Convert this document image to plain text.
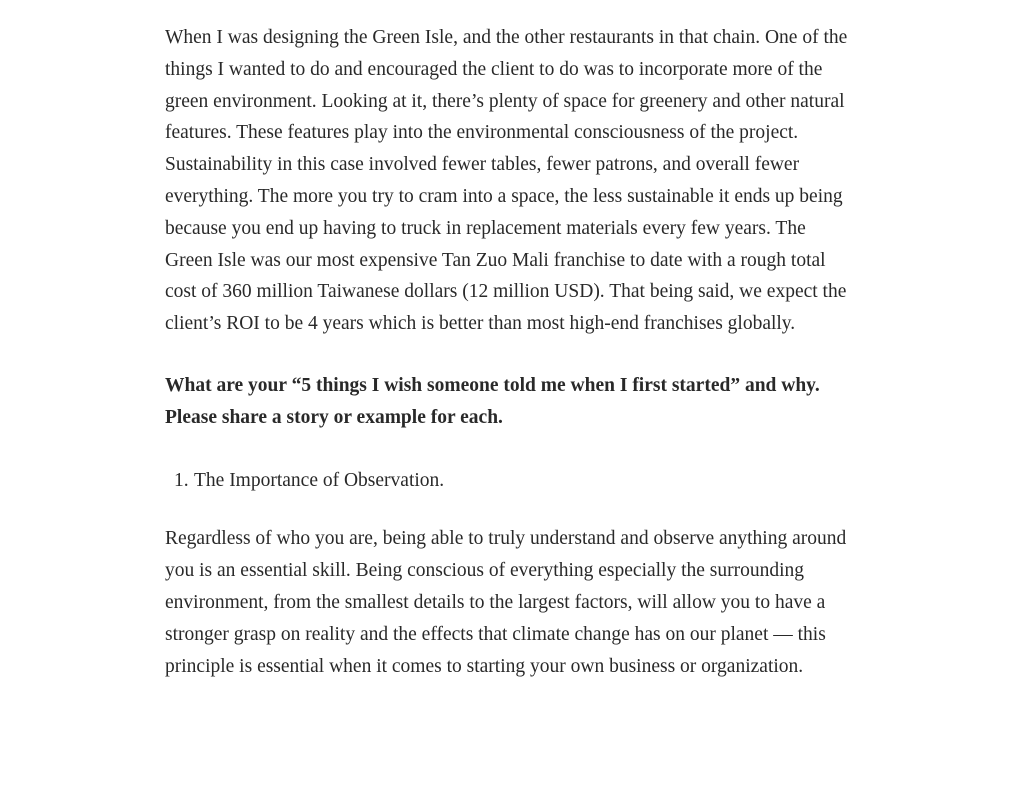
When I was designing the Green Isle, and the other restaurants in that chain. One of the things I wanted to do and encouraged the client to do was to incorporate more of the green environment. Looking at it, there’s plenty of space for greenery and other natural features. These features play into the environmental consciousness of the project. Sustainability in this case involved fewer tables, fewer patrons, and overall fewer everything. The more you try to cram into a space, the less sustainable it ends up being because you end up having to truck in replacement materials every few years. The Green Isle was our most expensive Tan Zuo Mali franchise to date with a rough total cost of 360 million Taiwanese dollars (12 million USD). That being said, we expect the client’s ROI to be 4 years which is better than most high-end franchises globally.

What are your “5 things I wish someone told me when I first started” and why. Please share a story or example for each.

1. The Importance of Observation.

Regardless of who you are, being able to truly understand and observe anything around you is an essential skill. Being conscious of everything especially the surrounding environment, from the smallest details to the largest factors, will allow you to have a stronger grasp on reality and the effects that climate change has on our planet — this principle is essential when it comes to starting your own business or organization.
